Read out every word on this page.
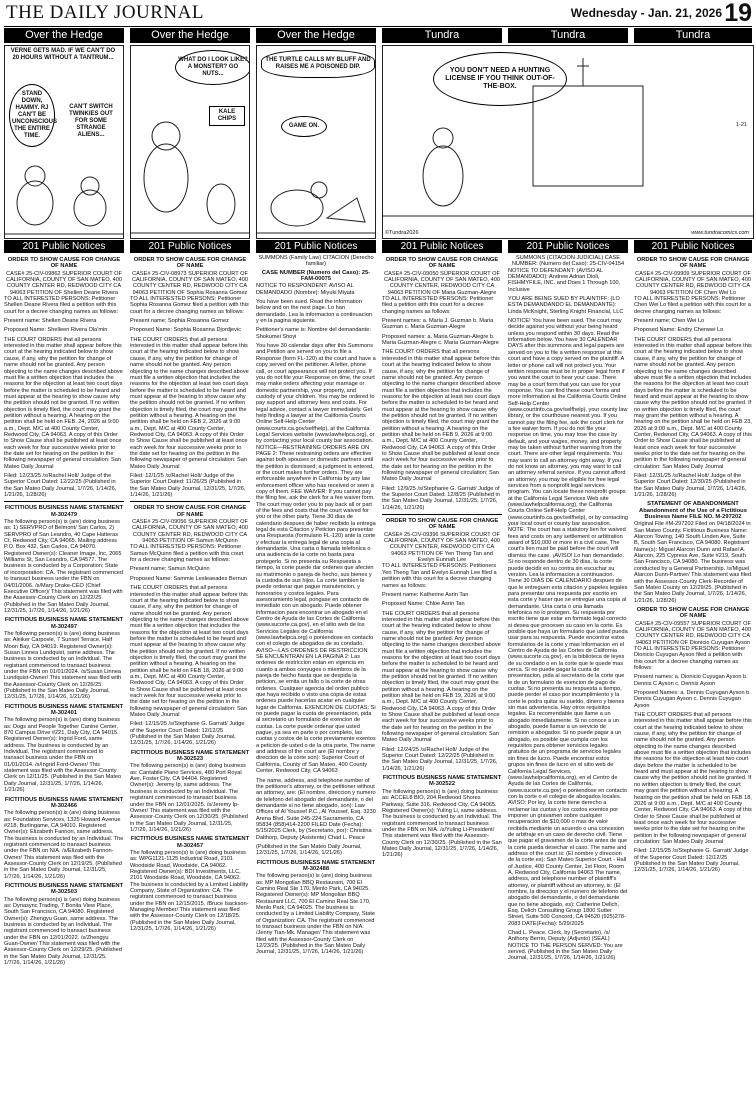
THE DAILY JOURNAL	Wednesday - Jan. 21, 2026 19
Over the Hedge	Over the Hedge	Over the Hedge	Tundra	Tundra	Tundra
VERNE GETS MAD. IF WE CAN'T DO 20 HOURS WITHOUT A TANTRUM...
STAND DOWN, HAMMY. RJ CAN'T BE UNCONSCIOUS THE ENTIRE TIME.
CAN'T SWITCH TWINKIES OUT FOR SOME STRANGE ALIENS...
WHAT DO I LOOK LIKE? A MONSTER? GO NUTS...
KALE CHIPS
THE TURTLE CALLS MY BLUFF AND RAISES ME A POISONED DIP.
GAME ON.
YOU DON'T NEED A HUNTING LICENSE IF YOU THINK OUT-OF-THE-BOX.
©Tundra2026	www.tundracomics.com
1-21
201 Public Notices	201 Public Notices	201 Public Notices	201 Public Notices	201 Public Notices	201 Public Notices
ORDER TO SHOW CAUSE FOR CHANGE OF NAME

CASE# 25-CIV-09862 SUPERIOR COURT OF CALIFORNIA, COUNTY OF SAN MATEO, 400 COUNTY CENTER RD, REDWOOD CITY CA 94063 PETITION OF Shellen Deane Rivera

TO ALL INTERESTED PERSONS: Petitioner Shellen Deane Rivera filed a petition with this court for a decree changing names as follows:

Present name: Shellen Deane Rivera

Proposed Name: Shelleen Rivera Ola'min

THE COURT ORDERS that all persons interested in this matter shall appear before this court at the hearing indicated below to show cause, if any, why the petition for change of name should not be granted. Any person objecting to the name changes described above must file a written objection that includes the reasons for the objection at least two court days before the matter is scheduled to be heard and must appear at the hearing to show cause why the petition should not be granted. If no written objection is timely filed, the court may grant the petition without a hearing. A hearing on the petition shall be held on FEB. 24, 2026 at 9:00 a.m., Dept. M/C at 400 County Center, Redwood City, CA 94063. A copy of this Order to Show Cause shall be published at least once each week for four successive weeks prior to the date set for hearing on the petition in the following newspaper of general circulation: San Mateo Daily Journal

Filed: 12/23/25 /s/Rachel Holt/ Judge of the Superior Court Dated: 12/22/25 (Published in the San Mateo Daily Journal, 1/7/26, 1/14/26, 1/21/26, 1/28/26)

FICTITIOUS BUSINESS NAME STATEMENT M-302479

The following person(s) is (are) doing business as: 1) SERVPRO of Belmont/ San Carlos, 2) SERVPRO of San Leandro, 40 Cape Hatteras Ct, Redwood City, CA 94065. Mailing address P.O. Box 432, San Carlos, CA 94070. Registered Owner(s): Cleaner Image, Inc, 2065 Williams St, San Leandro, CA 94577. The business is conducted by a Corporation; State of incorporation: CA. The registrant commenced to transact business under the FBN on 04/01/2006. /s/Mary Drake-CEO (Chief Executive Officer)/ This statement was filed with the Assessor-County Clerk on 12/22/25. (Published in the San Mateo Daily Journal, 12/31/25, 1/7/26, 1/14/26, 1/21/26)

FICTITIOUS BUSINESS NAME STATEMENT M-302497

The following person(s) is (are) doing business as: Aleiker Carpovle, 7 Sunset Terrace, Half Moon Bay, CA 94019. Registered Owner(s): Susan Linnea Lundquist, same address. The business is conducted by an Individual. The registrant commenced to transact business under the FBN on 01/01/2024. /s/Susan Linnea Lundquist-Owner/ This statement was filed with the Assessor-County Clerk on 12/26/25. (Published in the San Mateo Daily Journal, 12/31/25, 1/7/26, 1/14/26, 1/21/26)

FICTITIOUS BUSINESS NAME STATEMENT M-302401

The following person(s) is (are) doing business as: Dogs and People Together Canine Center, 870 Campus Drive #221, Daly City, CA 94015. Registered Owner(s): Ingrid Ford, same address. The business is conducted by an Individual. The registrant commenced to transact business under the FBN on 01/01/2014. /s/Ingrid Ford-Owner/ This statement was filed with the Assessor-County Clerk on 12/11/25. (Published in the San Mateo Daily Journal, 12/31/25, 1/7/26, 1/14/26, 1/21/26)

FICTITIOUS BUSINESS NAME STATEMENT M-302466

The following person(s) is (are) doing business as: Foundation Services, 1325 Howard Avenue #218, Burlingame, CA 94010. Registered Owner(s): Elizabeth Fannon, same address. The business is conducted by an Individual. The registrant commenced to transact business under the FBN on N/A. /s/Elizabeth Fannon-Owner/ This statement was filed with the Assessor-County Clerk on 12/19/25. (Published in the San Mateo Daily Journal, 12/31/25, 1/7/26, 1/14/26, 1/21/26)

FICTITIOUS BUSINESS NAME STATEMENT M-302503

The following person(s) is (are) doing business as: Dynasync Trading, 7 Bonita View Place, South San Francisco, CA 94080. Registered Owner(s): Zhengyu Guan, same address. The business is conducted by an Individual. The registrant commenced to transact business under the FBN on 12/01/2022. /s/Zhengyu Guan-Owner/ This statement was filed with the Assessor-County Clerk on 12/29/25. (Published in the San Mateo Daily Journal, 12/31/25, 1/7/26, 1/14/26, 1/21/26)

ORDER TO SHOW CAUSE FOR CHANGE OF NAME

CASE# 25-CIV-08973 SUPERIOR COURT OF CALIFORNIA, COUNTY OF SAN MATEO, 400 COUNTY CENTER RD, REDWOOD CITY CA 94063 PETITION OF Sophia Rosanna Gomez

TO ALL INTERESTED PERSONS: Petitioner Sophia Rosanna Gomez filed a petition with this court for a decree changing names as follows:

Present name: Sophia Rosanna Gomez

Proposed Name: Sophia Rosanna Djordjevic

THE COURT ORDERS that all persons interested in this matter shall appear before this court at the hearing indicated below to show cause, if any, why the petition for change of name should not be granted. Any person objecting to the name changes described above must file a written objection that includes the reasons for the objection at least two court days before the matter is scheduled to be heard and must appear at the hearing to show cause why the petition should not be granted. If no written objection is timely filed, the court may grant the petition without a hearing. A hearing on the petition shall be held on FEB 2, 2026 at 9:00 a.m., Dept. M/C at 400 County Center, Redwood City, CA 94063. A copy of this Order to Show Cause shall be published at least once each week for four successive weeks prior to the date set for hearing on the petition in the following newspaper of general circulation: San Mateo Daily Journal

Filed: 12/1/25 /s/Rachel Holt/ Judge of the Superior Court Dated: 11/26/25 (Published in the San Mateo Daily Journal, 12/31/25, 1/7/26, 1/14/26, 1/21/26)

ORDER TO SHOW CAUSE FOR CHANGE OF NAME

CASE# 25-CIV-09056 SUPERIOR COURT OF CALIFORNIA, COUNTY OF SAN MATEO, 400 COUNTY CENTER RD, REDWOOD CITY CA 94063 PETITION OF Samun McQuinn

TO ALL INTERESTED PERSONS: Petitioner Samun McQuinn filed a petition with this court for a decree changing names as follows:

Present name: Samun McQuinn

Proposed Name: Sammie Lesleaeades Bernun

THE COURT ORDERS that all persons interested in this matter shall appear before this court at the hearing indicated below to show cause, if any, why the petition for change of name should not be granted. Any person objecting to the name changes described above must file a written objection that includes the reasons for the objection at least two court days before the matter is scheduled to be heard and must appear at the hearing to show cause why the petition should not be granted. If no written objection is timely filed, the court may grant the petition without a hearing. A hearing on the petition shall be held on FEB 18, 2026 at 9:00 a.m., Dept. M/C at 400 County Center, Redwood City, CA 94063. A copy of this Order to Show Cause shall be published at least once each week for four successive weeks prior to the date set for hearing on the petition in the following newspaper of general circulation: San Mateo Daily Journal

Filed: 12/15/25 /s/Stephanie G. Garratt/ Judge of the Superior Court Dated: 12/12/25 (Published in the San Mateo Daily Journal, 12/31/25, 1/7/26, 1/14/26, 1/21/26)

FICTITIOUS BUSINESS NAME STATEMENT M-302523

The following person(s) is (are) doing business as: Cantabile Piano Services, 480 Port Royal Ave, Foster City, CA 94404. Registered Owner(s): Jeremy Ip, same address. The business is conducted by an Individual. The registrant commenced to transact business under the FBN on 12/01/2025. /s/Jeremy Ip-Owner/ This statement was filed with the Assessor-County Clerk on 12/30/25. (Published in the San Mateo Daily Journal, 12/31/25, 1/7/26, 1/14/26, 1/21/26)

FICTITIOUS BUSINESS NAME STATEMENT M-302457

The following person(s) is (are) doing business as: WPG1121-1125 Industrial Road, 2101 Woodside Road, Woodside, CA 94062. Registered Owner(s): BDI Investments, LLC, 2101 Woodside Road, Woodside, CA 94062. The business is conducted by a Limited Liability Company, State of Organization: CA. The registrant commenced to transact business under the FBN on 12/15/2015. /Bruce Isackson-Managing Member/ This statement was filed with the Assessor-County Clerk on 12/18/25. (Published in the San Mateo Daily Journal, 12/31/25, 1/7/26, 1/14/26, 1/21/26)

SUMMONS (Family Law) CITACION (Derecho familiar)

CASE NUMBER (Numero del Caso): 25-FAM-00075

NOTICE TO RESPONDENT: AVISO AL DEMANDADO (Nombre): Miyuki Miyata

You have been sued. Read the information below and on the next page. Lo han demandado. Lea la informacion a continuacion y en la pagina siguiente.

Petitioner's name is: Nombre del demandante: Shokumei Shoyi

You have 30 calendar days after this Summons and Petition are served on you to file a Response (form FL-120) at the court and have a copy served on the petitioner. A letter, phone call, or court appearance will not protect you. If you do not file your Response on time, the court may make orders affecting your marriage or domestic partnership, your property, and custody of your children. You may be ordered to pay support and attorney fees and costs. For legal advice, contact a lawyer immediately. Get help finding a lawyer at the California Courts Online Self-Help Center (www.courts.ca.gov/selfhelp), at the California Legal Services website (www.lawhelpca.org), or by contacting your local county bar association. NOTICE—RESTRAINING ORDERS ARE ON PAGE 2: These restraining orders are effective against both spouses or domestic partners until the petition is dismissed, a judgment is entered, or the court makes further orders. They are enforceable anywhere in California by any law enforcement officer who has received or seen a copy of them. FEE WAIVER: If you cannot pay the filing fee, ask the clerk for a fee waiver form. The court may order you to pay back all or part of the fees and costs that the court waived for you or the other party. Tiene 30 dias de calendario despues de haber recibido la entrega legal de esta Citacion y Peticion para presentar una Respuesta (formulario FL-120) ante la corte y efectuar la entrega legal de una copia al demandante. Una carta o llamada telefonica o una audiencia de la corte no basta para protegerlo. Si no presenta su Respuesta a tiempo, la corte puede dar ordenes que afecten su matrimonio o pareja de hecho, sus bienes y la custodia de sus hijos. La corte tambien le puede ordenar que pague manutencion, y honorarios y costos legales. Para asesoramiento legal, pongase en contacto de inmediato con un abogado. Puede obtener informacion para encontrar un abogado en el Centro de Ayuda de las Cortes de California (www.sucorte.ca.gov), en el sitio web de los Servicios Legales de California (www.lawhelpca.org) o poniendose en contacto con el colegio de abogados de su condado. AVISO—LAS ORDENES DE RESTRICCION SE ENCUENTRAN EN LA PAGINA 2: Las ordenes de restriccion estan en vigencia en cuanto a ambos conyuges o miembros de la pareja de hecho hasta que se despida la peticion, se emita un fallo o la corte de otras ordenes. Cualquier agencia del orden publico que haya recibido o visto una copia de estas ordenes puede hacerlas acatar en cualquier lugar de California. EXENCION DE CUOTAS: Si no puede pagar la cuota de presentacion, pida al secretario un formulario de exencion de cuotas. La corte puede ordenar que usted pague, ya sea en parte o por completo, las cuotas y costos de la corte previamente exentos a peticion de usted o de la otra parte. The name and address of the court are (El nombre y direccion de la corte son): Superior Court of California, County of San Mateo, 400 County Center, Redwood City, CA 94063

The name, address, and telephone number of the petitioner's attorney, or the petitioner without an attorney, are: (El nombre, direccion y numero de telefono del abogado del demandante, o del demandante si no tiene abogado, son): Law Offices of Al Youssef P.C., Al Youssef, Esq. 3230 Arena Blvd. Suite 245-224 Sacramento, CA 95834 (858)414-2200 FILED Date (Fecha): 5/15/2025 Clerk, by (Secretario, por): Christina Dalthorp, Deputy (Asistente) Chad L. Peace

(Published in the San Mateo Daily Journal, 12/31/25, 1/7/26, 1/14/26, 1/21/26)

FICTITIOUS BUSINESS NAME STATEMENT M-302488

The following person(s) is (are) doing business as: MP Mongolian BBQ Restaurant, 700 El Camino Real Ste 170, Menlo Park, CA 94025. Registered Owner(s): MP Mongolian BBQ Restaurant LLC, 700 El Camino Real Ste 170, Menlo Park, CA 94025. The business is conducted by a Limited Liability Company, State of Organization: CA. The registrant commenced to transact business under the FBN on N/A. /Jenny Tian-Mk. Manager/ This statement was filed with the Assessor-County Clerk on 12/23/25. (Published in the San Mateo Daily Journal, 12/31/25, 1/7/26, 1/14/26, 1/21/26)

ORDER TO SHOW CAUSE FOR CHANGE OF NAME

CASE# 25-CIV-09050 SUPERIOR COURT OF CALIFORNIA, COUNTY OF SAN MATEO, 400 COUNTY CENTER, REDWOOD CITY CA 94063 PETITION OF Maria Guzman-Alegre

TO ALL INTERESTED PERSONS: Petitioner filed a petition with this court for a decree changing names as follows:

Present names: a. Maria J. Guzman b. Maria Guzman c. Maria Guzman-Alegre

Proposed names: a. Maria Guzman-Alegre b. Maria Guzman-Alegre c. Maria Guzman-Alegre

THE COURT ORDERS that all persons interested in this matter shall appear before this court at the hearing indicated below to show cause, if any, why the petition for change of name should not be granted. Any person objecting to the name changes described above must file a written objection that includes the reasons for the objection at least two court days before the matter is scheduled to be heard and must appear at the hearing to show cause why the petition should not be granted. If no written objection is timely filed, the court may grant the petition without a hearing. A hearing on the petition shall be held on FEB 9, 2026 at 9:00 a.m., Dept. M/C at 400 County Center, Redwood City, CA 94063. A copy of this Order to Show Cause shall be published at least once each week for four successive weeks prior to the date set for hearing on the petition in the following newspaper of general circulation: San Mateo Daily Journal

Filed: 12/9/25 /s/Stephanie G. Garratt/ Judge of the Superior Court Dated: 12/8/25 (Published in the San Mateo Daily Journal, 12/31/25, 1/7/26, 1/14/26, 1/21/26)

ORDER TO SHOW CAUSE FOR CHANGE OF NAME

CASE# 25-CIV-09396 SUPERIOR COURT OF CALIFORNIA, COUNTY OF SAN MATEO, 400 COUNTY CENTER, REDWOOD CITY CA 94063 PETITION OF Yen Theng Tan and Evelyn Eunnah Lee

TO ALL INTERESTED PERSONS: Petitioners Yen Theng Tan and Evelyn Eunnah Lee filed a petition with this court for a decree changing names as follows:

Present name: Katherine Asrin Tan

Proposed Name: Chloe Asrin Tan

THE COURT ORDERS that all persons interested in this matter shall appear before this court at the hearing indicated below to show cause, if any, why the petition for change of name should not be granted. Any person objecting to the name changes described above must file a written objection that includes the reasons for the objection at least two court days before the matter is scheduled to be heard and must appear at the hearing to show cause why the petition should not be granted. If no written objection is timely filed, the court may grant the petition without a hearing. A hearing on the petition shall be held on FEB 19, 2026 at 9:00 a.m., Dept. M/C at 400 County Center, Redwood City, CA 94063. A copy of this Order to Show Cause shall be published at least once each week for four successive weeks prior to the date set for hearing on the petition in the following newspaper of general circulation: San Mateo Daily Journal

Filed: 12/24/25 /s/Rachel Holt/ Judge of the Superior Court Dated: 12/22/25 (Published in the San Mateo Daily Journal, 12/31/25, 1/7/26, 1/14/26, 1/21/26)

FICTITIOUS BUSINESS NAME STATEMENT M-302522

The following person(s) is (are) doing business as: ACCEL8 BIO, 204 Redwood Shores Parkway, Suite 316, Redwood City, CA 94065. Registered Owner(s): Yuling Li, same address. The business is conducted by an Individual. The registrant commenced to transact business under the FBN on N/A. /s/Yuling Li-President/ This statement was filed with the Assessor-County Clerk on 12/30/25. (Published in the San Mateo Daily Journal, 12/31/25, 1/7/26, 1/14/26, 1/21/26)

SUMMONS (CITACION JUDICIAL) CASE NUMBER: (Numero del Caso): 25-CIV-04154

NOTICE TO DEFENDANT: (AVISO AL DEMANDADO): Andrew Adrian Dioli, FISHMYFILE, INC. and Does 1 Through 100, Inclusive

YOU ARE BEING SUED BY PLAINTIFF: (LO ESTA DEMANDANDO EL DEMANDANTE): Linda McKnight, Sterling Knight Financial, LLC

NOTICE! You have been sued. The court may decide against you without your being heard unless you respond within 30 days. Read the information below. You have 30 CALENDAR DAYS after this summons and legal papers are served on you to file a written response at this court and have a copy served on the plaintiff. A letter or phone call will not protect you. Your written response must be in proper legal form if you want the court to hear your case. There may be a court form that you can use for your response. You can find these court forms and more information at the California Courts Online Self-Help Center (www.courtinfo.ca.gov/selfhelp), your county law library, or the courthouse nearest you. If you cannot pay the filing fee, ask the court clerk for a fee waiver form. If you do not file your response on time, you may lose the case by default, and your wages, money, and property may be taken without further warning from the court. There are other legal requirements. You may want to call an attorney right away. If you do not know an attorney, you may want to call an attorney referral service. If you cannot afford an attorney, you may be eligible for free legal services from a nonprofit legal services program. You can locate these nonprofit groups at the California Legal Services Web site (www.lawhelpcalifornia.org), the California Courts Online Self-Help Center (www.courtinfo.ca.gov/selfhelp), or by contacting your local court or county bar association. NOTE: The court has a statutory lien for waived fees and costs on any settlement or arbitration award of $10,000 or more in a civil case. The court's lien must be paid before the court will dismiss the case. ¡AVISO! Lo han demandado. Si no responde dentro de 30 dias, la corte puede decidir en su contra sin escuchar su version. Lea la informacion a continuacion. Tiene 30 DIAS DE CALENDARIO despues de que le entreguen esta citacion y papeles legales para presentar una respuesta por escrito en esta corte y hacer que se entregue una copia al demandante. Una carta o una llamada telefonica no lo protegen. Su respuesta por escrito tiene que estar en formato legal correcto si desea que procesen su caso en la corte. Es posible que haya un formulario que usted pueda usar para su respuesta. Puede encontrar estos formularios de la corte y mas informacion en el Centro de Ayuda de las Cortes de California (www.sucorte.ca.gov), en la biblioteca de leyes de su condado o en la corte que le quede mas cerca. Si no puede pagar la cuota de presentacion, pida al secretario de la corte que le de un formulario de exencion de pago de cuotas. Si no presenta su respuesta a tiempo, puede perder el caso por incumplimiento y la corte le podra quitar su sueldo, dinero y bienes sin mas advertencia. Hay otros requisitos legales. Es recomendable que llame a un abogado inmediatamente. Si no conoce a un abogado, puede llamar a un servicio de remision a abogados. Si no puede pagar a un abogado, es posible que cumpla con los requisitos para obtener servicios legales gratuitos de un programa de servicios legales sin fines de lucro. Puede encontrar estos grupos sin fines de lucro en el sitio web de California Legal Services, (www.lawhelpcalifornia.org), en el Centro de Ayuda de las Cortes de California, (www.sucorte.ca.gov) o poniendose en contacto con la corte o el colegio de abogados locales. AVISO: Por ley, la corte tiene derecho a reclamar las cuotas y los costos exentos por imponer un gravamen sobre cualquier recuperacion de $10,000 o mas de valor recibida mediante un acuerdo o una concesion de arbitraje en un caso de derecho civil. Tiene que pagar el gravamen de la corte antes de que la corte pueda desechar el caso. The name and address of the court is: (El nombre y direccion de la corte es): San Mateo Superior Court - Hall of Justice, 400 County Center, 1st Floor, Room A, Redwood City, California 94063 The name, address, and telephone number of plaintiff's attorney, or plaintiff without an attorney, is: (El nombre, la direccion y el numero de telefono del abogado del demandante, o del demandante que no tiene abogado, es): Catherine Delich, Esq. Delich Consulting Group 1800 Sutter Street, Suite 500 Concord, CA 94520 (925)278-2083 DATE(Fecha): 5/29/2025

Chad L. Peace, Clerk, by (Secretario), /s/ Anthony Berrio, Deputy (Adjunto) (SEAL) NOTICE TO THE PERSON SERVED: You are served. (Published in the San Mateo Daily Journal, 12/31/25, 1/7/26, 1/14/26, 1/21/26)

ORDER TO SHOW CAUSE FOR CHANGE OF NAME

CASE# 25-CIV-09909 SUPERIOR COURT OF CALIFORNIA, COUNTY OF SAN MATEO, 400 COUNTY CENTER RD, REDWOOD CITY CA 94063 PETITION OF Chen Wei Lo

TO ALL INTERESTED PERSONS: Petitioner Chen Wei Lo filed a petition with this court for a decree changing names as follows:

Present name: Chen Wei Lo

Proposed Name: Endry Chenwei Lo

THE COURT ORDERS that all persons interested in this matter shall appear before this court at the hearing indicated below to show cause, if any, why the petition for change of name should not be granted. Any person objecting to the name changes described above must file a written objection that includes the reasons for the objection at least two court days before the matter is scheduled to be heard and must appear at the hearing to show cause why the petition should not be granted. If no written objection is timely filed, the court may grant the petition without a hearing. A hearing on the petition shall be held on FEB 23, 2026 at 9:00 a.m., Dept. M/C at 400 County Center, Redwood City, CA 94063. A copy of this Order to Show Cause shall be published at least once each week for four successive weeks prior to the date set for hearing on the petition in the following newspaper of general circulation: San Mateo Daily Journal

Filed: 12/31/25 /s/Rachel Holt/ Judge of the Superior Court Dated: 12/30/25 (Published in the San Mateo Daily Journal, 1/7/26, 1/14/26, 1/21/26, 1/28/26)

STATEMENT OF ABANDONMENT Abandonment of the Use of a Fictitious Business Name FILE NO. M-297202

Original File #M-297202 Filed on 04/18/2024 in San Mateo County. Fictitious Business Name: Alarcon Towing, 140 South Linden Ave, Suite B, South San Francisco, CA 94080. Registrant Name(s): Miguel Alarcon Dunn and Rafael A. Alarcon, 225 Cypress Ave, Suite #219, South San Francisco, CA 94080. The business was conducted by a General Partnership. /s/Miguel Alarcon Dunn-Partner/ This statement was filed with the Assessor-County Clerk-Recorder of San Mateo County on 12/29/25. (Published in the San Mateo Daily Journal, 1/7/26, 1/14/26, 1/21/26, 1/28/26)

ORDER TO SHOW CAUSE FOR CHANGE OF NAME

CASE# 25-CIV-09557 SUPERIOR COURT OF CALIFORNIA, COUNTY OF SAN MATEO, 400 COUNTY CENTER RD, REDWOOD CITY CA 94063 PETITION OF Dionicio Cuyugan Ayson

TO ALL INTERESTED PERSONS: Petitioner Dionicio Cuyugan Ayson filed a petition with this court for a decree changing names as follows:

Present names: a. Dionicio Cuyugan Ayson b. Dennis C Ayson c. Dennis Ayson

Proposed Names: a. Dennis Cuyugan Ayson b. Dennis Cuyugan Ayson c. Dennis Cuyugan Ayson

THE COURT ORDERS that all persons interested in this matter shall appear before this court at the hearing indicated below to show cause, if any, why the petition for change of name should not be granted. Any person objecting to the name changes described above must file a written objection that includes the reasons for the objection at least two court days before the matter is scheduled to be heard and must appear at the hearing to show cause why the petition should not be granted. If no written objection is timely filed, the court may grant the petition without a hearing. A hearing on the petition shall be held on FEB 18, 2026 at 9:00 a.m., Dept. M/C at 400 County Center, Redwood City, CA 94063. A copy of this Order to Show Cause shall be published at least once each week for four successive weeks prior to the date set for hearing on the petition in the following newspaper of general circulation: San Mateo Daily Journal

Filed: 12/15/25 /s/Stephanie G. Garratt/ Judge of the Superior Court Dated: 12/12/25 (Published in the San Mateo Daily Journal, 12/31/25, 1/7/26, 1/14/26, 1/21/26)
